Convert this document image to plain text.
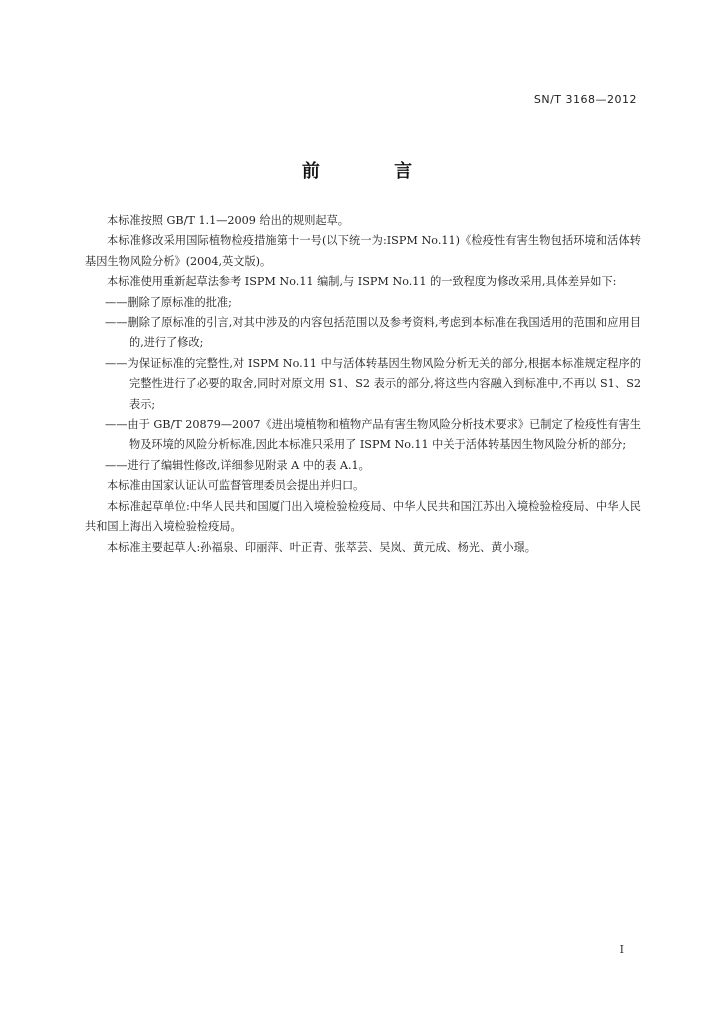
SN/T 3168—2012
前 言

本标准按照 GB/T 1.1—2009 给出的规则起草。

本标准修改采用国际植物检疫措施第十一号(以下统一为:ISPM No.11)《检疫性有害生物包括环境和活体转基因生物风险分析》(2004,英文版)。

本标准使用重新起草法参考 ISPM No.11 编制,与 ISPM No.11 的一致程度为修改采用,具体差异如下:

——删除了原标准的批准;

——删除了原标准的引言,对其中涉及的内容包括范围以及参考资料,考虑到本标准在我国适用的范围和应用目的,进行了修改;

——为保证标准的完整性,对 ISPM No.11 中与活体转基因生物风险分析无关的部分,根据本标准规定程序的完整性进行了必要的取舍,同时对原文用 S1、S2 表示的部分,将这些内容融入到标准中,不再以 S1、S2 表示;

——由于 GB/T 20879—2007《进出境植物和植物产品有害生物风险分析技术要求》已制定了检疫性有害生物及环境的风险分析标准,因此本标准只采用了 ISPM No.11 中关于活体转基因生物风险分析的部分;

——进行了编辑性修改,详细参见附录 A 中的表 A.1。

本标准由国家认证认可监督管理委员会提出并归口。

本标准起草单位:中华人民共和国厦门出入境检验检疫局、中华人民共和国江苏出入境检验检疫局、中华人民共和国上海出入境检验检疫局。

本标准主要起草人:孙福泉、印丽萍、叶正青、张萃芸、吴岚、黄元成、杨光、黄小璟。

I
